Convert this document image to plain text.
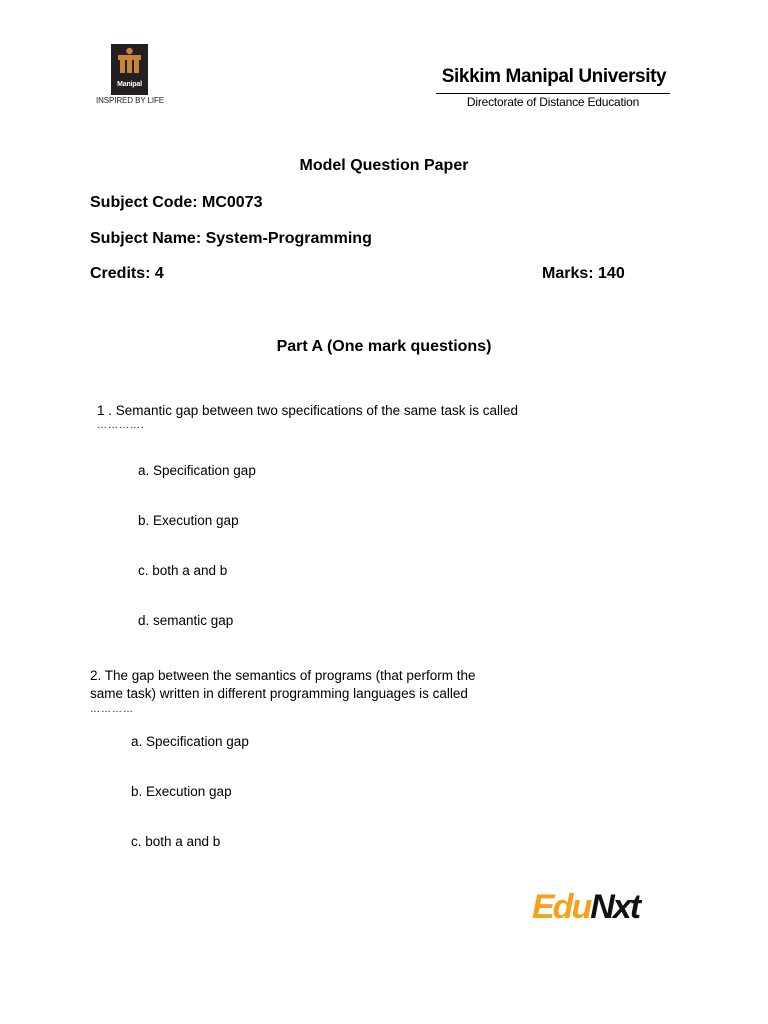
Manipal
INSPIRED BY LIFE
Sikkim Manipal University
Directorate of Distance Education
Model Question Paper
Subject Code: MC0073
Subject Name: System-Programming
Credits: 4	Marks: 140
Part A (One mark questions)
1 . Semantic gap between two specifications of the same task is called
………….
a. Specification gap
b. Execution gap
c. both a and b
d. semantic gap
2. The gap between the semantics of programs (that perform the
same task) written in different programming languages is called
…………
a. Specification gap
b. Execution gap
c. both a and b
EduNxt
